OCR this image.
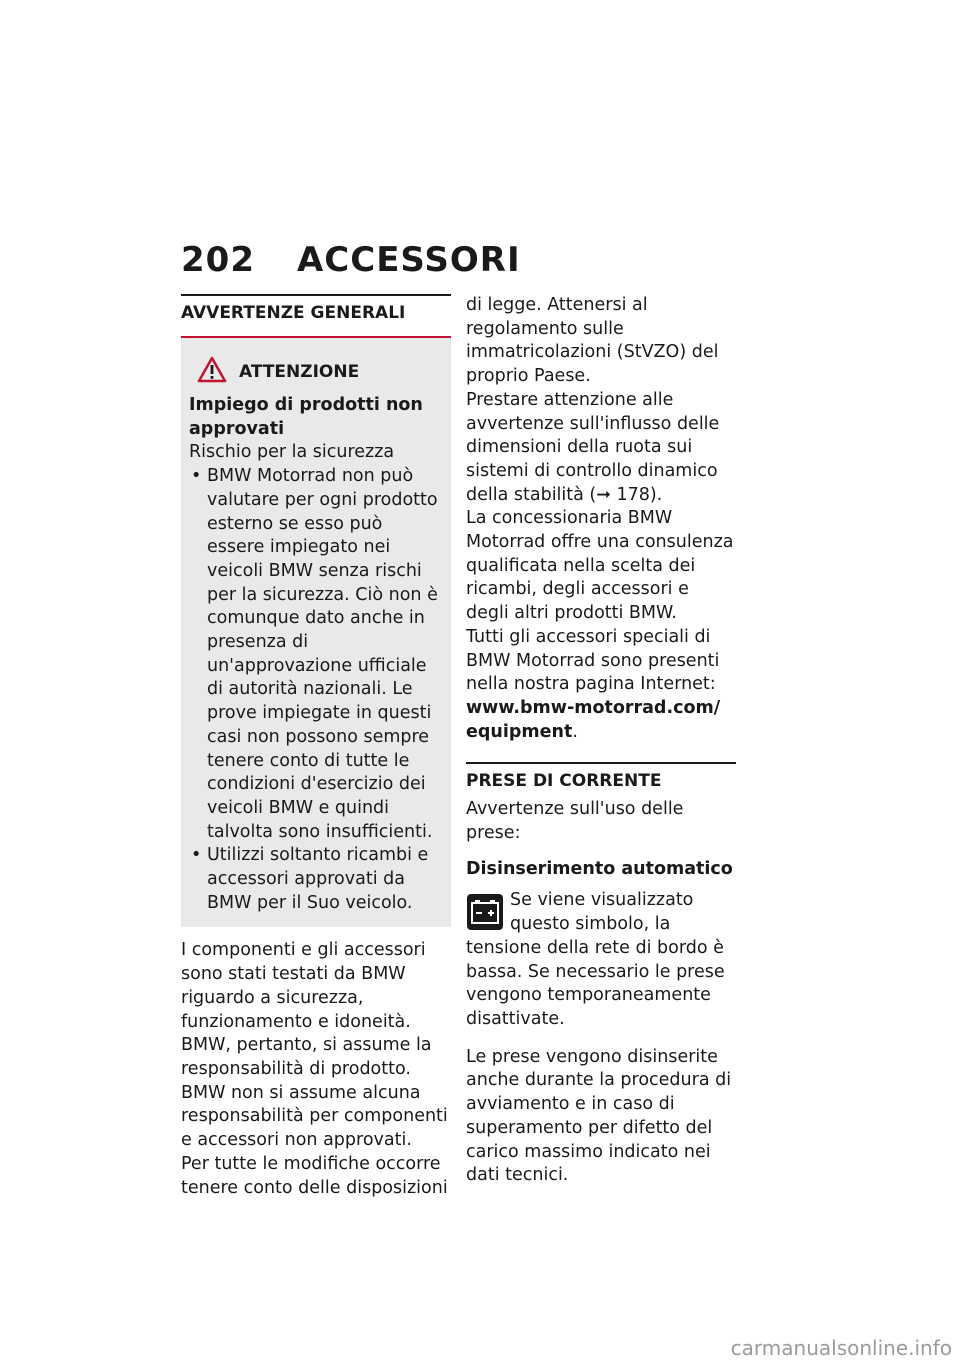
202 ACCESSORI
AVVERTENZE GENERALI
ATTENZIONE

Impiego di prodotti non approvati

Rischio per la sicurezza

• BMW Motorrad non può valutare per ogni prodotto esterno se esso può essere impiegato nei veicoli BMW senza rischi per la sicurezza. Ciò non è comunque dato anche in presenza di un'approvazione ufficiale di autorità nazionali. Le prove impiegate in questi casi non possono sempre tenere conto di tutte le condizioni d'esercizio dei veicoli BMW e quindi talvolta sono insufficienti.
• Utilizzi soltanto ricambi e accessori approvati da BMW per il Suo veicolo.

I componenti e gli accessori sono stati testati da BMW riguardo a sicurezza, funzionamento e idoneità. BMW, pertanto, si assume la responsabilità di prodotto. BMW non si assume alcuna responsabilità per componenti e accessori non approvati.

Per tutte le modifiche occorre tenere conto delle disposizioni

di legge. Attenersi al regolamento sulle immatricolazioni (StVZO) del proprio Paese.

Prestare attenzione alle avvertenze sull'influsso delle dimensioni della ruota sui sistemi di controllo dinamico della stabilità (➞ 178).

La concessionaria BMW Motorrad offre una consulenza qualificata nella scelta dei ricambi, degli accessori e degli altri prodotti BMW.

Tutti gli accessori speciali di BMW Motorrad sono presenti nella nostra pagina Internet:

www.bmw-motorrad.com/
equipment.

PRESE DI CORRENTE

Avvertenze sull'uso delle prese:

Disinserimento automatico

Se viene visualizzato questo simbolo, la tensione della rete di bordo è bassa. Se necessario le prese vengono temporaneamente disattivate.

Le prese vengono disinserite anche durante la procedura di avviamento e in caso di superamento per difetto del carico massimo indicato nei dati tecnici.

carmanualsonline.info
